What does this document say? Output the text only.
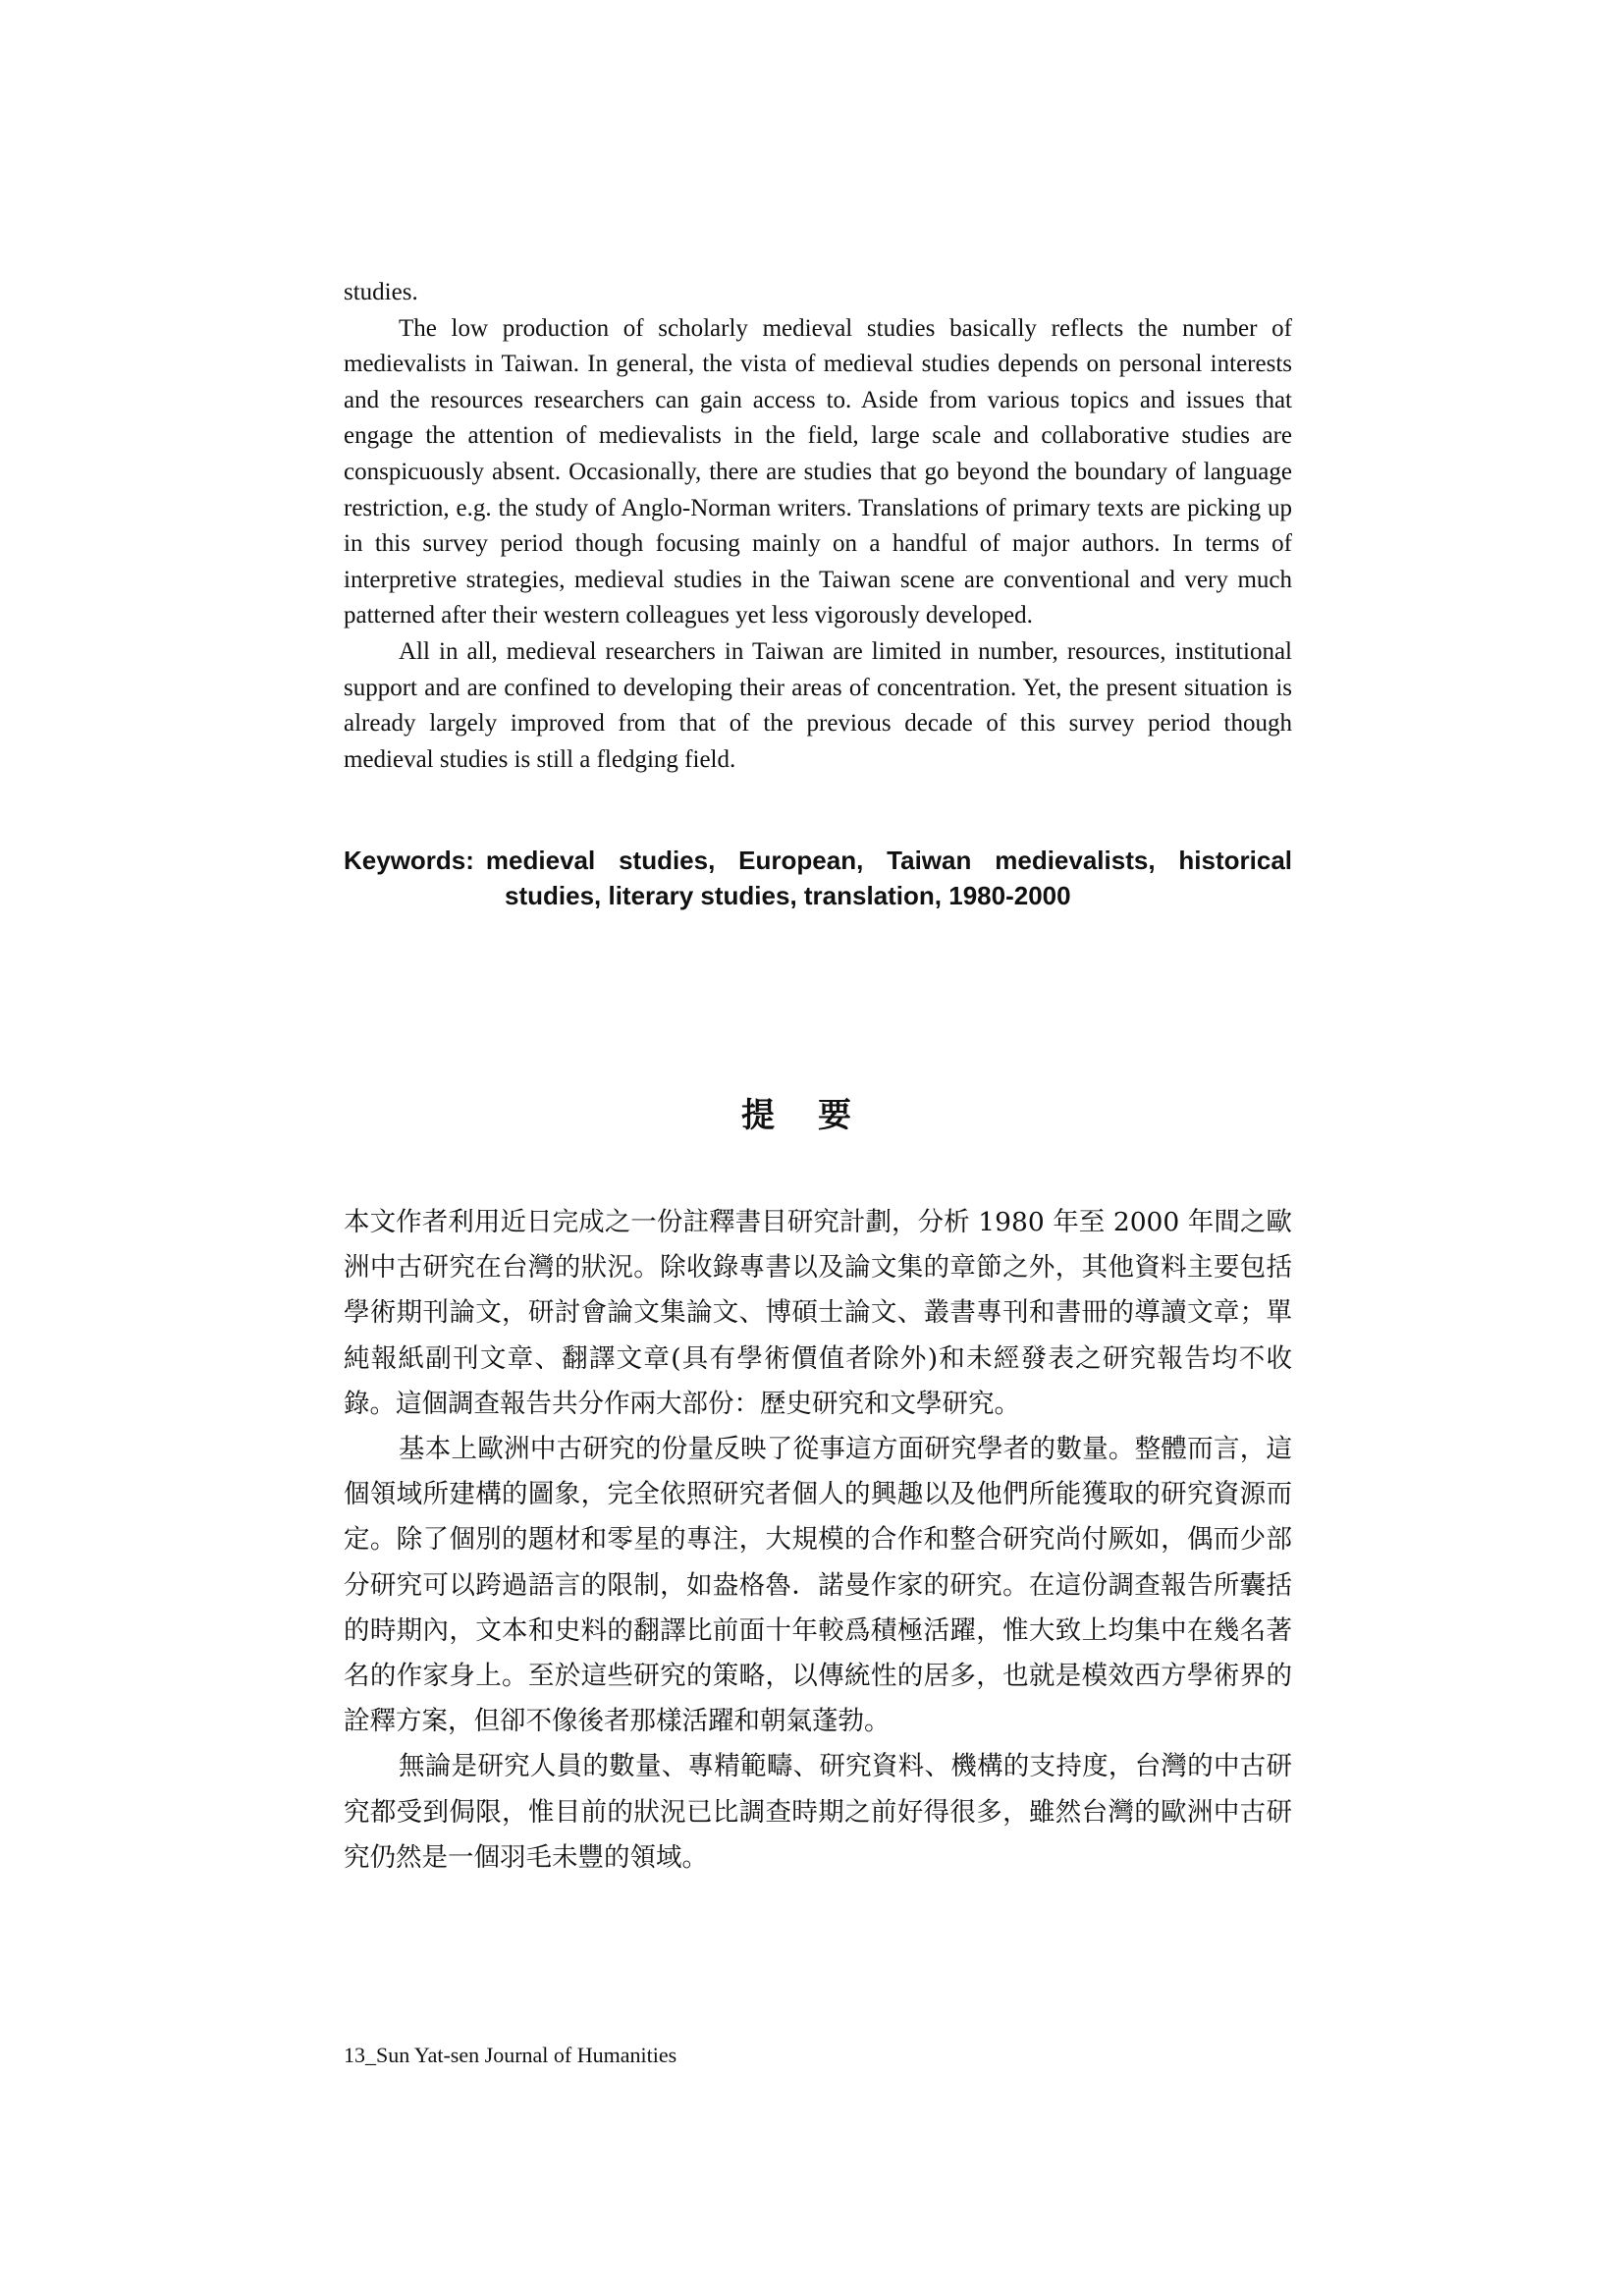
studies.

The low production of scholarly medieval studies basically reflects the number of medievalists in Taiwan. In general, the vista of medieval studies depends on personal interests and the resources researchers can gain access to. Aside from various topics and issues that engage the attention of medievalists in the field, large scale and collaborative studies are conspicuously absent. Occasionally, there are studies that go beyond the boundary of language restriction, e.g. the study of Anglo-Norman writers. Translations of primary texts are picking up in this survey period though focusing mainly on a handful of major authors. In terms of interpretive strategies, medieval studies in the Taiwan scene are conventional and very much patterned after their western colleagues yet less vigorously developed.

All in all, medieval researchers in Taiwan are limited in number, resources, institutional support and are confined to developing their areas of concentration. Yet, the present situation is already largely improved from that of the previous decade of this survey period though medieval studies is still a fledging field.

Keywords: medieval studies, European, Taiwan medievalists, historical
studies, literary studies, translation, 1980-2000
提要

本文作者利用近日完成之一份註釋書目研究計劃，分析 1980 年至 2000 年間之歐洲中古研究在台灣的狀況。除收錄專書以及論文集的章節之外，其他資料主要包括學術期刊論文，研討會論文集論文、博碩士論文、叢書專刊和書冊的導讀文章；單純報紙副刊文章、翻譯文章(具有學術價值者除外)和未經發表之研究報告均不收錄。這個調查報告共分作兩大部份：歷史研究和文學研究。

基本上歐洲中古研究的份量反映了從事這方面研究學者的數量。整體而言，這個領域所建構的圖象，完全依照研究者個人的興趣以及他們所能獲取的研究資源而定。除了個別的題材和零星的專注，大規模的合作和整合研究尚付厥如，偶而少部分研究可以跨過語言的限制，如盎格魯．諾曼作家的研究。在這份調查報告所囊括的時期內，文本和史料的翻譯比前面十年較爲積極活躍，惟大致上均集中在幾名著名的作家身上。至於這些研究的策略，以傳統性的居多，也就是模效西方學術界的詮釋方案，但卻不像後者那樣活躍和朝氣蓬勃。

無論是研究人員的數量、專精範疇、研究資料、機構的支持度，台灣的中古研究都受到侷限，惟目前的狀況已比調查時期之前好得很多，雖然台灣的歐洲中古研究仍然是一個羽毛未豐的領域。

13_Sun Yat-sen Journal of Humanities
